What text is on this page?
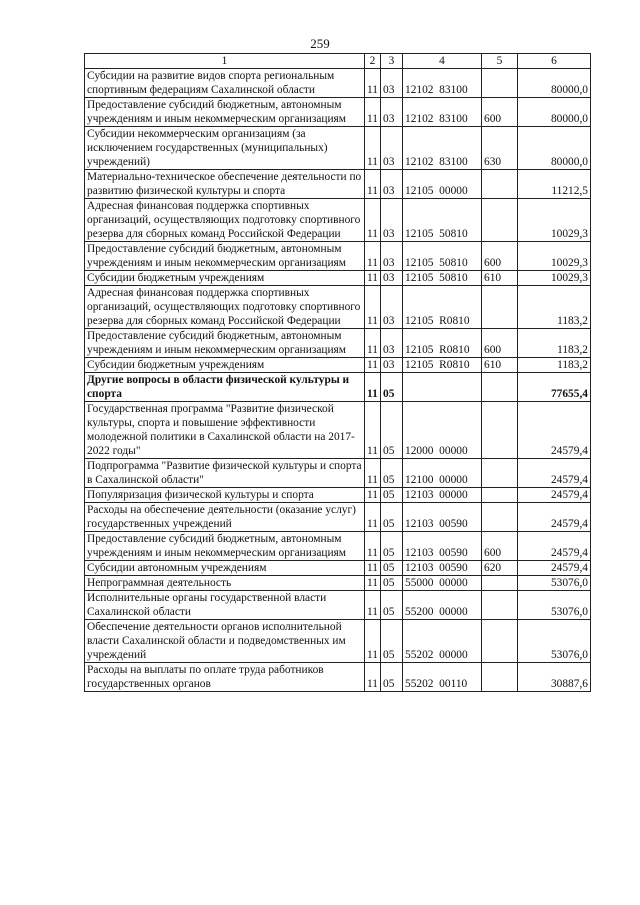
259
1	2	3	4	5	6
Субсидии на развитие видов спорта региональным спортивным федерациям Сахалинской области	11	03	12102  83100		80000,0
Предоставление субсидий бюджетным, автономным учреждениям и иным некоммерческим организациям	11	03	12102  83100	600	80000,0
Субсидии некоммерческим организациям (за исключением государственных (муниципальных) учреждений)	11	03	12102  83100	630	80000,0
Материально-техническое обеспечение деятельности по развитию физической культуры и спорта	11	03	12105  00000		11212,5
Адресная финансовая поддержка спортивных организаций, осуществляющих подготовку спортивного резерва для сборных команд Российской Федерации	11	03	12105  50810		10029,3
Предоставление субсидий бюджетным, автономным учреждениям и иным некоммерческим организациям	11	03	12105  50810	600	10029,3
Субсидии бюджетным учреждениям	11	03	12105  50810	610	10029,3
Адресная финансовая поддержка спортивных организаций, осуществляющих подготовку спортивного резерва для сборных команд Российской Федерации	11	03	12105  R0810		1183,2
Предоставление субсидий бюджетным, автономным учреждениям и иным некоммерческим организациям	11	03	12105  R0810	600	1183,2
Субсидии бюджетным учреждениям	11	03	12105  R0810	610	1183,2
Другие вопросы в области физической культуры и спорта	11	05			77655,4
Государственная программа "Развитие физической культуры, спорта и повышение эффективности молодежной политики в Сахалинской области на 2017-2022 годы"	11	05	12000  00000		24579,4
Подпрограмма "Развитие физической культуры и спорта в Сахалинской области"	11	05	12100  00000		24579,4
Популяризация физической культуры и спорта	11	05	12103  00000		24579,4
Расходы на обеспечение деятельности (оказание услуг) государственных учреждений	11	05	12103  00590		24579,4
Предоставление субсидий бюджетным, автономным учреждениям и иным некоммерческим организациям	11	05	12103  00590	600	24579,4
Субсидии автономным учреждениям	11	05	12103  00590	620	24579,4
Непрограммная деятельность	11	05	55000  00000		53076,0
Исполнительные органы государственной власти Сахалинской области	11	05	55200  00000		53076,0
Обеспечение деятельности органов исполнительной власти Сахалинской области и подведомственных им учреждений	11	05	55202  00000		53076,0
Расходы на выплаты по оплате труда работников государственных органов	11	05	55202  00110		30887,6
